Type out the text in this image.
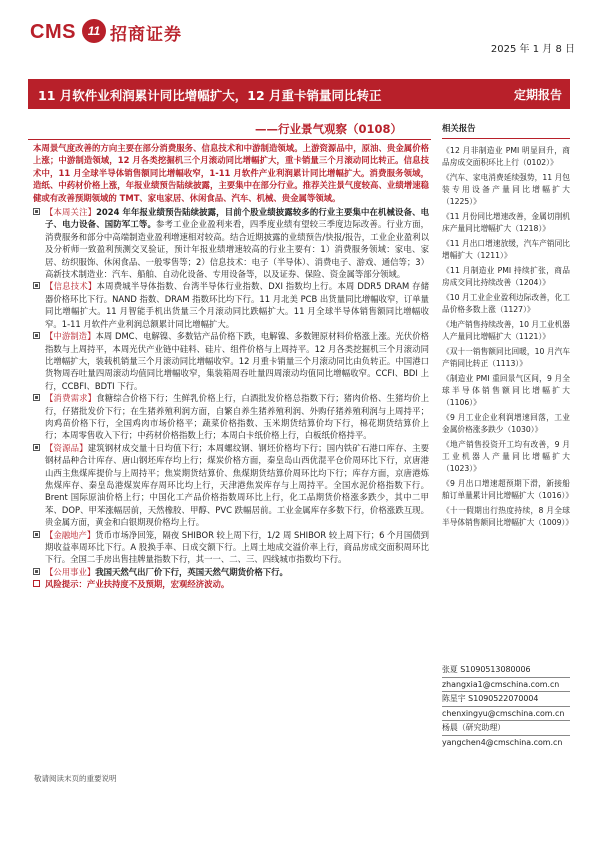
CMS 11 招商证券
2025 年 1 月 8 日
11 月软件业利润累计同比增幅扩大，12 月重卡销量同比转正	定期报告
——行业景气观察（0108）

本周景气度改善的方向主要在部分消费服务、信息技术和中游制造领域。上游资源品中，原油、贵金属价格上涨；中游制造领域，12 月各类挖掘机三个月滚动同比增幅扩大，重卡销量三个月滚动同比转正。信息技术中，11 月全球半导体销售额同比增幅收窄，1-11 月软件产业利润累计同比增幅扩大。消费服务领域，造纸、中药材价格上涨，年报业绩预告陆续披露，主要集中在部分行业。推荐关注景气度较高、业绩增速稳健或有改善预期领域的 TMT、家电家居、休闲食品、汽车、机械、贵金属等领域。

【本周关注】2024 年年报业绩预告陆续披露，目前个股业绩披露较多的行业主要集中在机械设备、电子、电力设备、国防军工等。参考工业企业盈利来看，四季度业绩有望较三季度边际改善。行业方面，消费服务和部分中高端制造业盈利增速相对较高。结合近期披露的业绩预告/快报/报告，工业企业盈利以及分析师一致盈利预测交叉验证，预计年报业绩增速较高的行业主要有：1）消费服务领域：家电、家居、纺织服饰、休闲食品、一般零售等；2）信息技术：电子（半导体）、消费电子、游戏、通信等；3）高新技术制造业：汽车、船舶、自动化设备、专用设备等，以及证券、保险、资金属等部分领域。

【信息技术】本周费城半导体指数、台湾半导体行业指数、DXI 指数均上行。本周 DDR5 DRAM 存储器价格环比下行。NAND 指数、DRAM 指数环比均下行。11 月北美 PCB 出货量同比增幅收窄，订单量同比增幅扩大。11 月智能手机出货量三个月滚动同比跌幅扩大。11 月全球半导体销售额同比增幅收窄。1-11 月软件产业利润总额累计同比增幅扩大。

【中游制造】本周 DMC、电解镍、多数钴产品价格下跌，电解镍、多数锂原材料价格涨上涨。光伏价格指数与上周持平，本周光伏产业链中硅料、硅片、组件价格与上周持平。12 月各类挖掘机三个月滚动同比增幅扩大，装载机销量三个月滚动同比增幅收窄。12 月重卡销量三个月滚动同比由负转正。中国港口货物周吞吐量四周滚动均值同比增幅收窄，集装箱周吞吐量四周滚动均值同比增幅收窄。CCFI、BDI 上行，CCBFI、BDTI 下行。

【消费需求】食糖综合价格下行；生鲜乳价格上行，白酒批发价格总指数下行；猪肉价格、生猪均价上行，仔猪批发价下行；在生猪养殖利润方面，自繁自养生猪养殖利润、外购仔猪养殖利润与上周持平；肉鸡苗价格下行，全国鸡肉市场价格平；蔬菜价格指数、玉米期货结算价均下行，棉花期货结算价上行；本周零售收入下行；中药材价格指数上行；本周白卡纸价格上行，白板纸价格持平。

【资源品】建筑钢材成交量十日均值下行；本周螺纹钢、钢坯价格均下行；国内铁矿石港口库存、主要钢材品种合计库存、唐山钢坯库存均上行；煤炭价格方面，秦皇岛山西优混平仓价周环比下行，京唐港山西主焦煤库提价与上周持平；焦炭期货结算价、焦煤期货结算价周环比均下行；库存方面，京唐港炼焦煤库存、秦皇岛港煤炭库存周环比均上行，天津港焦炭库存与上周持平。全国水泥价格指数下行。Brent 国际原油价格上行；中国化工产品价格指数周环比上行，化工品期货价格涨多跌少，其中二甲苯、DOP、甲苯涨幅居前，天然橡胶、甲醇、PVC 跌幅居前。工业金属库存多数下行，价格涨跌互现。贵金属方面，黄金和白银期现价格均上行。

【金融地产】货币市场净回笼，隔夜 SHIBOR 较上周下行，1/2 周 SHIBOR 较上周下行；6 个月国债到期收益率周环比下行。A 股换手率、日成交额下行。上周土地成交溢价率上行，商品房成交面积周环比下行。全国二手房出售挂牌量指数下行，其一一、二、三、四线城市指数均下行。

【公用事业】我国天然气出厂价下行，英国天然气期货价格下行。

风险提示：产业扶持度不及预期，宏观经济波动。

相关报告
《12 月非制造业 PMI 明显回升，商品房成交面积环比上行（0102）》
《汽车、家电消费延续强势，11 月包装专用设备产量同比增幅扩大（1225）》
《11 月份同比增速改善，金属切削机床产量同比增幅扩大（1218）》
《11 月出口增速放缓，汽车产销同比增幅扩大（1211）》
《11 月制造业 PMI 持续扩张，商品房成交同比持续改善（1204）》
《10 月工业企业盈利边际改善，化工品价格多数上涨（1127）》
《地产销售持续改善，10 月工业机器人产量同比增幅扩大（1121）》
《双十一销售额同比回暖，10 月汽车产销同比转正（1113）》
《制造业 PMI 重回景气区间，9 月全球半导体销售额同比增幅扩大（1106）》
《9 月工业企业利润增速回落，工业金属价格涨多跌少（1030）》
《地产销售投资开工均有改善，9 月工业机器人产量同比增幅扩大（1023）》
《9 月出口增速超预期下滑，新接船舶订单量累计同比增幅扩大（1016）》
《十一假期出行热度持续，8 月全球半导体销售额同比增幅扩大（1009）》
张夏 S1090513080006
zhangxia1@cmschina.com.cn
陈星宇 S1090522070004
chenxingyu@cmschina.com.cn
杨晨（研究助理）
yangchen4@cmschina.com.cn
敬请阅读末页的重要说明
